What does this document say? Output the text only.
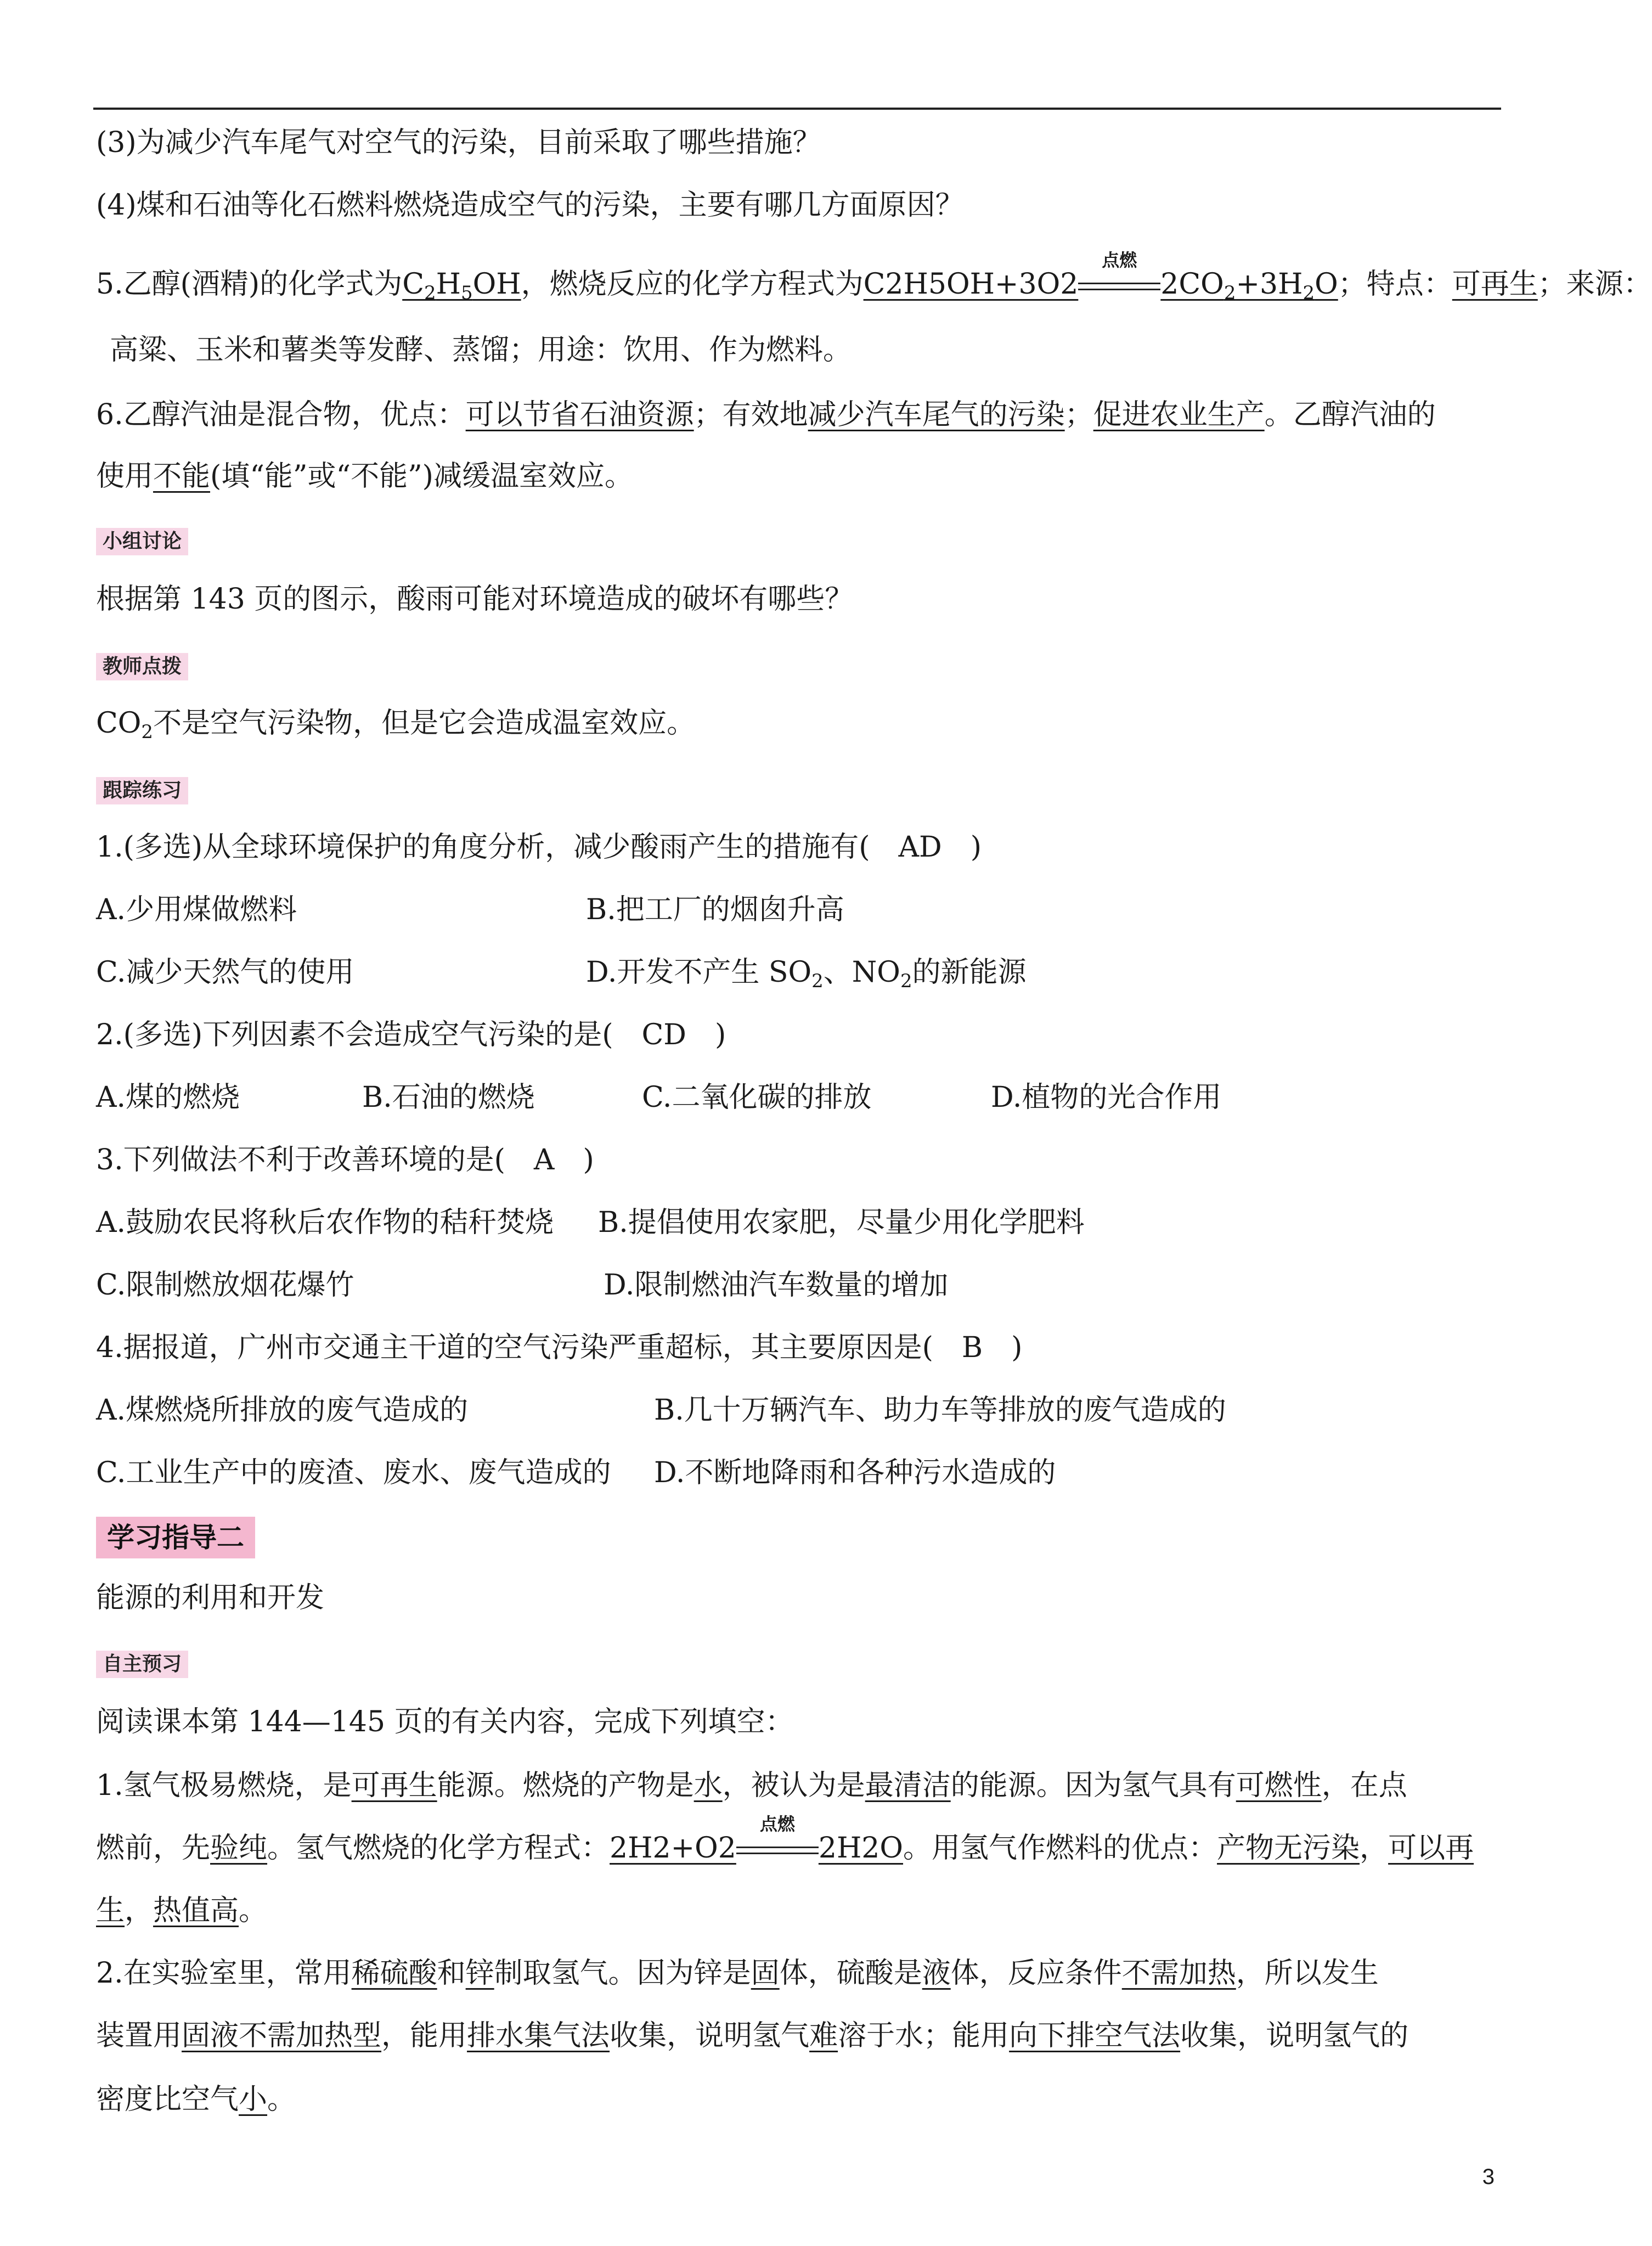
(3)为减少汽车尾气对空气的污染，目前采取了哪些措施？
(4)煤和石油等化石燃料燃烧造成空气的污染，主要有哪几方面原因？
5.乙醇(酒精)的化学式为$C_2H_5OH$，燃烧反应的化学方程式为C2H5OH+3O2
点燃
$2CO_2+3H_2O$；特点：可再生；来源：
高粱、玉米和薯类等发酵、蒸馏；用途：饮用、作为燃料。
6.乙醇汽油是混合物，优点：可以节省石油资源；有效地减少汽车尾气的污染；促进农业生产。乙醇汽油的
使用不能(填“能”或“不能”)减缓温室效应。
小组讨论
根据第 143 页的图示，酸雨可能对环境造成的破坏有哪些？
教师点拨
$CO_2$不是空气污染物，但是它会造成温室效应。
跟踪练习
1.(多选)从全球环境保护的角度分析，减少酸雨产生的措施有(　AD　)
A.少用煤做燃料	B.把工厂的烟囱升高
C.减少天然气的使用	D.开发不产生 $SO_2$、$NO_2$的新能源
2.(多选)下列因素不会造成空气污染的是(　CD　)
A.煤的燃烧	B.石油的燃烧	C.二氧化碳的排放	D.植物的光合作用
3.下列做法不利于改善环境的是(　A　)
A.鼓励农民将秋后农作物的秸秆焚烧 B.提倡使用农家肥，尽量少用化学肥料
C.限制燃放烟花爆竹	D.限制燃油汽车数量的增加
4.据报道，广州市交通主干道的空气污染严重超标，其主要原因是(　B　)
A.煤燃烧所排放的废气造成的	B.几十万辆汽车、助力车等排放的废气造成的
C.工业生产中的废渣、废水、废气造成的 D.不断地降雨和各种污水造成的
学习指导二
能源的利用和开发
自主预习
阅读课本第 144—145 页的有关内容，完成下列填空：
1.氢气极易燃烧，是可再生能源。燃烧的产物是水，被认为是最清洁的能源。因为氢气具有可燃性，在点
燃前，先验纯。氢气燃烧的化学方程式：2H2+O2
点燃
2H2O。用氢气作燃料的优点：产物无污染，可以再
生，热值高。
2.在实验室里，常用稀硫酸和锌制取氢气。因为锌是固体，硫酸是液体，反应条件不需加热，所以发生
装置用固液不需加热型，能用排水集气法收集，说明氢气难溶于水；能用向下排空气法收集，说明氢气的
密度比空气小。
3
